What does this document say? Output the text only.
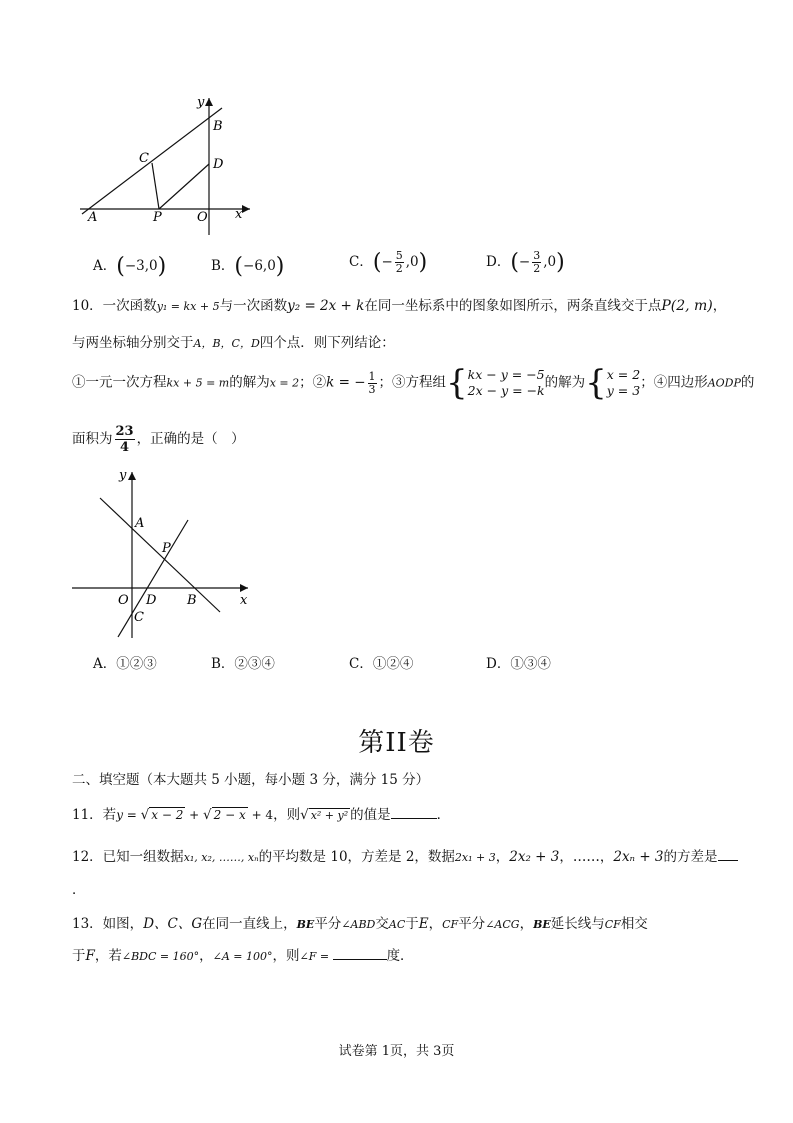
y
x
B
C	D
A	P	O
A．(−3,0)	B．(−6,0)	C．(− $\frac{5}{2} ,0$)	D．(− $\frac{3}{2} ,0$)
10．一次函数y₁ = kx + 5与一次函数y₂ = 2x + k在同一坐标系中的图象如图所示，两条直线交于点P(2, m)，
与两坐标轴分别交于A，B，C，D四个点．则下列结论：
①一元一次方程kx + 5 = m的解为x = 2；②k = − $\frac{1}{3}$ ；③方程组 { kx − y = −5
2x − y = −k 的解为 { x = 2
y = 3 ；④四边形AODP的
面积为 $\frac{23}{4}$ ，正确的是（　）
y
x
A
P
O D B
C
A．①②③	B．②③④	C．①②④	D．①③④
第II卷
二、填空题（本大题共 5 小题，每小题 3 分，满分 15 分）
11．若y = √ x − 2 + √ 2 − x + 4，则√ x² + y² 的值是	．
12．已知一组数据x₁, x₂, ……, xₙ的平均数是 10，方差是 2，数据2x₁ + 3，2x₂ + 3，……，2xₙ + 3的方差是
．
13．如图，D、C、G在同一直线上，BE平分∠ABD交AC于E，CF平分∠ACG，BE延长线与CF相交
于F，若∠BDC = 160°，∠A = 100°，则∠F =	度．
试卷第 1页，共 3页
